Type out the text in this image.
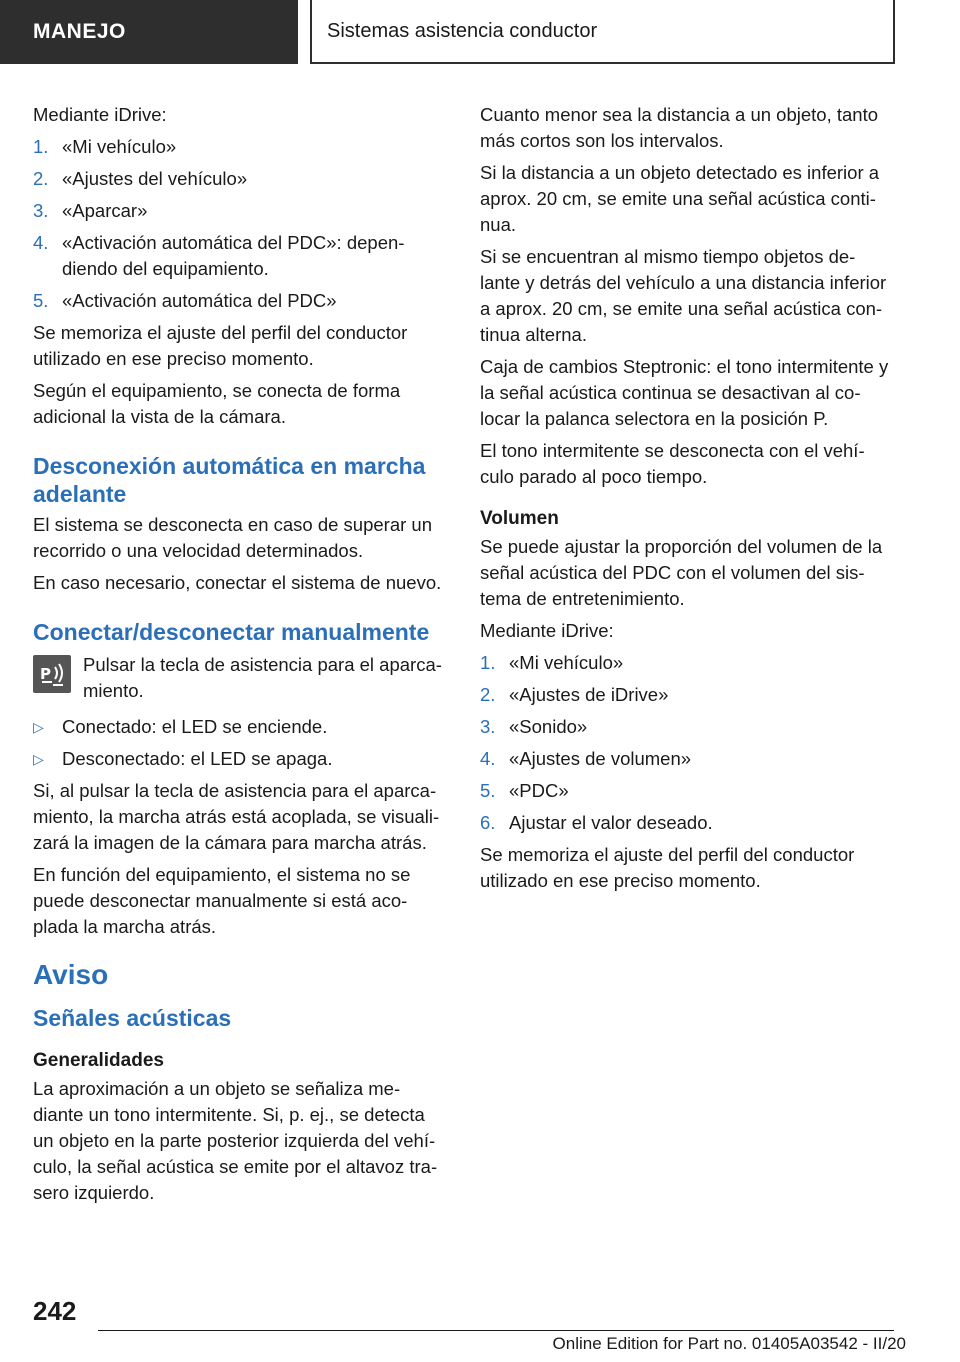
MANEJO	Sistemas asistencia conductor

Mediante iDrive:

1. «Mi vehículo»
2. «Ajustes del vehículo»
3. «Aparcar»
4. «Activación automática del PDC»: depen‐ diendo del equipamiento.
5. «Activación automática del PDC»

Se memoriza el ajuste del perfil del conductor utilizado en ese preciso momento.

Según el equipamiento, se conecta de forma adicional la vista de la cámara.

Desconexión automática en marcha adelante

El sistema se desconecta en caso de superar un recorrido o una velocidad determinados.

En caso necesario, conectar el sistema de nuevo.

Conectar/desconectar manualmente
P Pulsar la tecla de asistencia para el aparca‐ miento.
▷ Conectado: el LED se enciende.
▷ Desconectado: el LED se apaga.

Si, al pulsar la tecla de asistencia para el aparca‐ miento, la marcha atrás está acoplada, se visuali‐ zará la imagen de la cámara para marcha atrás.

En función del equipamiento, el sistema no se puede desconectar manualmente si está aco‐ plada la marcha atrás.

Aviso
Señales acústicas
Generalidades

La aproximación a un objeto se señaliza me‐ diante un tono intermitente. Si, p. ej., se detecta un objeto en la parte posterior izquierda del vehí‐ culo, la señal acústica se emite por el altavoz tra‐ sero izquierdo.

Cuanto menor sea la distancia a un objeto, tanto más cortos son los intervalos.

Si la distancia a un objeto detectado es inferior a aprox. 20 cm, se emite una señal acústica conti‐ nua.

Si se encuentran al mismo tiempo objetos de‐ lante y detrás del vehículo a una distancia inferior a aprox. 20 cm, se emite una señal acústica con‐ tinua alterna.

Caja de cambios Steptronic: el tono intermitente y la señal acústica continua se desactivan al co‐ locar la palanca selectora en la posición P.

El tono intermitente se desconecta con el vehí‐ culo parado al poco tiempo.

Volumen

Se puede ajustar la proporción del volumen de la señal acústica del PDC con el volumen del sis‐ tema de entretenimiento.

Mediante iDrive:

1. «Mi vehículo»
2. «Ajustes de iDrive»
3. «Sonido»
4. «Ajustes de volumen»
5. «PDC»
6. Ajustar el valor deseado.

Se memoriza el ajuste del perfil del conductor utilizado en ese preciso momento.

242
Online Edition for Part no. 01405A03542 - II/20
